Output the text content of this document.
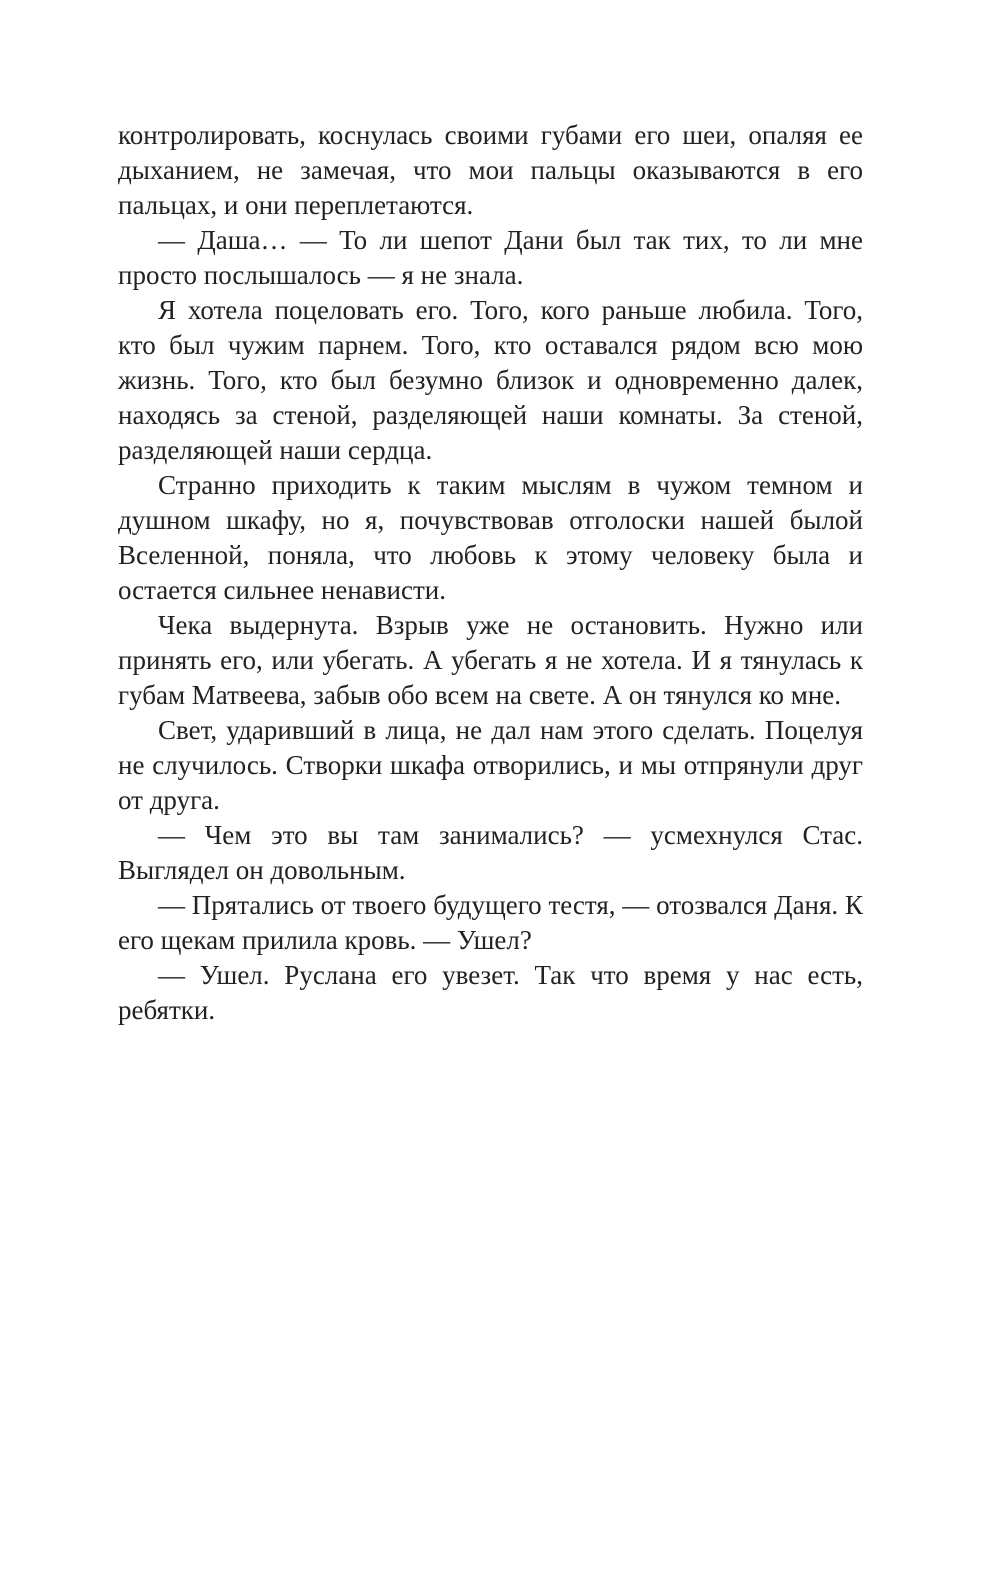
контролировать, коснулась своими губами его шеи, опаляя ее дыханием, не замечая, что мои пальцы оказываются в его пальцах, и они переплетаются.

— Даша… — То ли шепот Дани был так тих, то ли мне просто послышалось — я не знала.

Я хотела поцеловать его. Того, кого раньше любила. Того, кто был чужим парнем. Того, кто оставался рядом всю мою жизнь. Того, кто был безумно близок и одновременно далек, находясь за стеной, разделяющей наши комнаты. За стеной, разделяющей наши сердца.

Странно приходить к таким мыслям в чужом темном и душном шкафу, но я, почувствовав отголоски нашей былой Вселенной, поняла, что любовь к этому человеку была и остается сильнее ненависти.

Чека выдернута. Взрыв уже не остановить. Нужно или принять его, или убегать. А убегать я не хотела. И я тянулась к губам Матвеева, забыв обо всем на свете. А он тянулся ко мне.

Свет, ударивший в лица, не дал нам этого сделать. Поцелуя не случилось. Створки шкафа отворились, и мы отпрянули друг от друга.

— Чем это вы там занимались? — усмехнулся Стас. Выглядел он довольным.

— Прятались от твоего будущего тестя, — отозвался Даня. К его щекам прилила кровь. — Ушел?

— Ушел. Руслана его увезет. Так что время у нас есть, ребятки.
